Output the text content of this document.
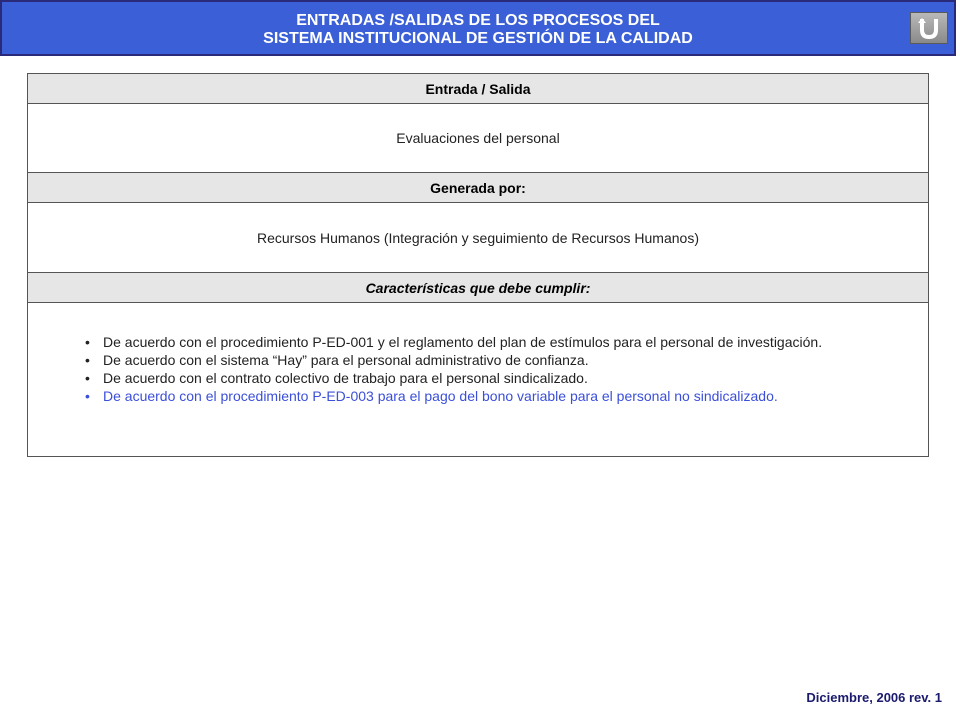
ENTRADAS /SALIDAS DE LOS PROCESOS DEL
SISTEMA INSTITUCIONAL DE GESTIÓN DE LA CALIDAD
Entrada / Salida
Evaluaciones del personal
Generada por:
Recursos Humanos (Integración y seguimiento de Recursos Humanos)
Características que debe cumplir:
• De acuerdo con el procedimiento P-ED-001 y el reglamento del plan de estímulos para el personal de investigación.
• De acuerdo con el sistema “Hay” para el personal administrativo de confianza.
• De acuerdo con el contrato colectivo de trabajo para el personal sindicalizado.
• De acuerdo con el procedimiento P-ED-003 para el pago del bono variable para el personal no sindicalizado.
Diciembre, 2006 rev. 1
